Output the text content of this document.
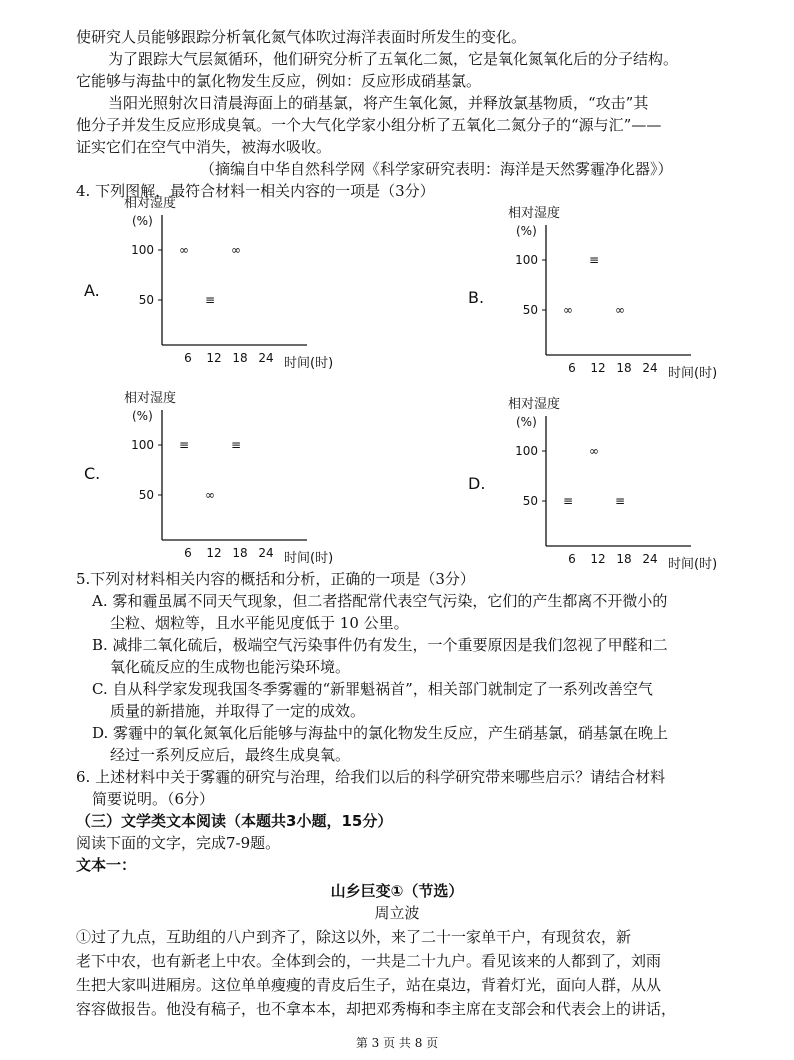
使研究人员能够跟踪分析氧化氮气体吹过海洋表面时所发生的变化。
为了跟踪大气层氮循环，他们研究分析了五氧化二氮，它是氧化氮氧化后的分子结构。
它能够与海盐中的氯化物发生反应，例如：反应形成硝基氯。
当阳光照射次日清晨海面上的硝基氯，将产生氧化氮，并释放氯基物质，“攻击”其
他分子并发生反应形成臭氧。一个大气化学家小组分析了五氧化二氮分子的“源与汇”——
证实它们在空气中消失，被海水吸收。
（摘编自中华自然科学网《科学家研究表明：海洋是天然雾霾净化器》）
4. 下列图解，最符合材料一相关内容的一项是（3分）
A.
相对湿度
(%)
100
50
6 12 18 24 时间(时)
∞
≡
∞
B.
相对湿度
(%)
100
50
6 12 18 24 时间(时)
∞
≡
∞
C.
相对湿度
(%)
100
50
6 12 18 24 时间(时)
≡
∞
≡
D.
相对湿度
(%)
100
50
6 12 18 24 时间(时)
≡
∞
≡
5.下列对材料相关内容的概括和分析，正确的一项是（3分）
A. 雾和霾虽属不同天气现象，但二者搭配常代表空气污染，它们的产生都离不开微小的
尘粒、烟粒等，且水平能见度低于 10 公里。
B. 减排二氧化硫后，极端空气污染事件仍有发生，一个重要原因是我们忽视了甲醛和二
氧化硫反应的生成物也能污染环境。
C. 自从科学家发现我国冬季雾霾的“新罪魁祸首”，相关部门就制定了一系列改善空气
质量的新措施，并取得了一定的成效。
D. 雾霾中的氧化氮氧化后能够与海盐中的氯化物发生反应，产生硝基氯，硝基氯在晚上
经过一系列反应后，最终生成臭氧。
6. 上述材料中关于雾霾的研究与治理，给我们以后的科学研究带来哪些启示？请结合材料
简要说明。（6分）
（三）文学类文本阅读（本题共3小题，15分）
阅读下面的文字，完成7-9题。
文本一：
山乡巨变①（节选）
周立波
①过了九点，互助组的八户到齐了，除这以外，来了二十一家单干户，有现贫农，新
老下中农，也有新老上中农。全体到会的，一共是二十九户。看见该来的人都到了，刘雨
生把大家叫进厢房。这位单单瘦瘦的青皮后生子，站在桌边，背着灯光，面向人群，从从
容容做报告。他没有稿子，也不拿本本，却把邓秀梅和李主席在支部会和代表会上的讲话，
第 3 页 共 8 页
